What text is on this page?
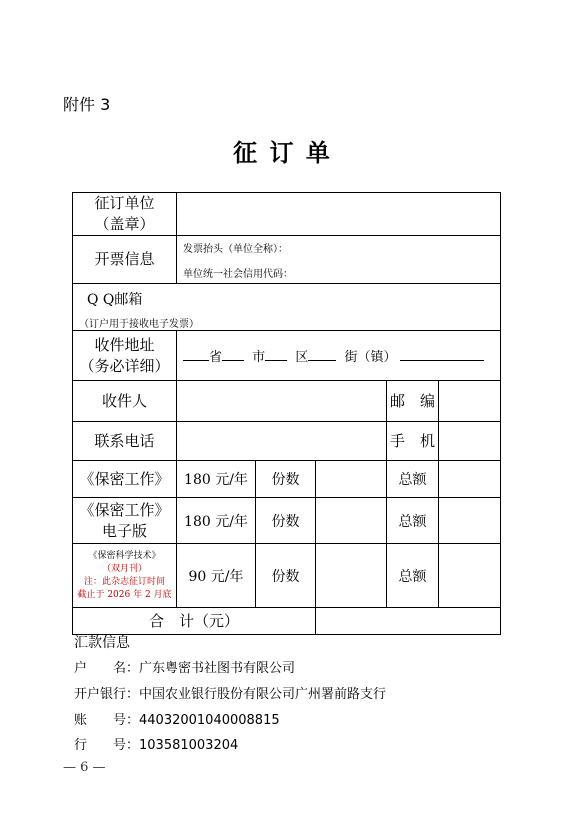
附件 3
征 订 单
征订单位
（盖章）					

开票信息	发票抬头（单位全称）：
单位统一社会信用代码：				

Q Q邮箱
（订户用于接收电子发票）					

收件地址
（务必详细）	省 市 区 街（镇）				
收件人				邮　编	
联系电话				手　机	
《保密工作》	180 元/年	份数		总额	

《保密工作》
电子版	180 元/年	份数		总额	

《保密科学技术》
（双月刊）
注：此杂志征订时间
截止于 2026 年 2 月底	90 元/年	份数		总额	
合　计（元）					
汇款信息
户　　名：广东粤密书社图书有限公司
开户银行：中国农业银行股份有限公司广州署前路支行
账　　号：44032001040008815
行　　号：103581003204
— 6 —
